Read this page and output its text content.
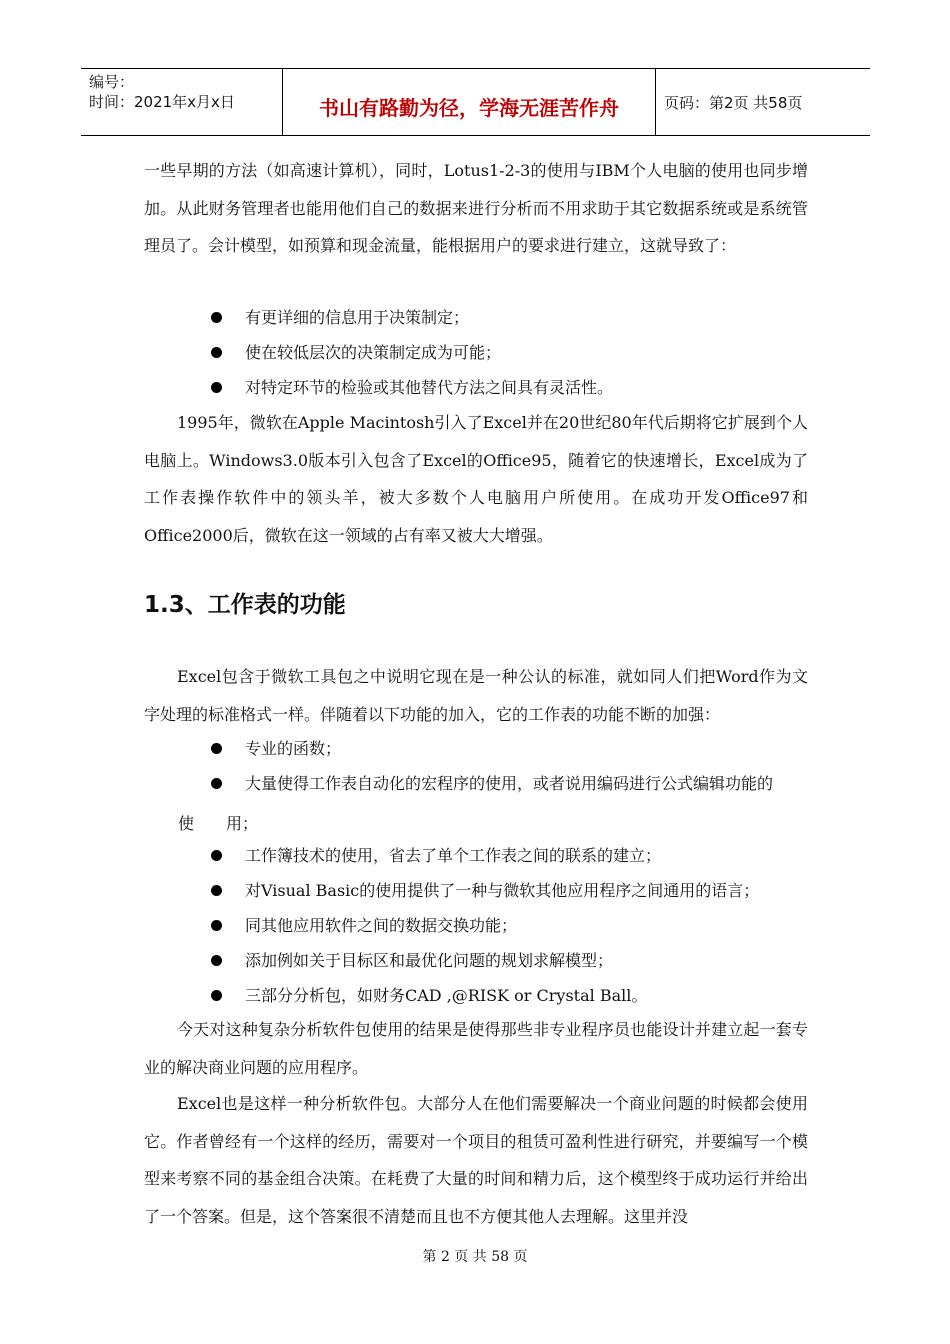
编号：
时间：2021年x月x日	书山有路勤为径，学海无涯苦作舟	页码：第2页 共58页
一些早期的方法（如高速计算机），同时，Lotus1-2-3的使用与IBM个人电脑的使用也同步增加。从此财务管理者也能用他们自己的数据来进行分析而不用求助于其它数据系统或是系统管理员了。会计模型，如预算和现金流量，能根据用户的要求进行建立，这就导致了：
有更详细的信息用于决策制定；
使在较低层次的决策制定成为可能；
对特定环节的检验或其他替代方法之间具有灵活性。
1995年，微软在Apple Macintosh引入了Excel并在20世纪80年代后期将它扩展到个人电脑上。Windows3.0版本引入包含了Excel的Office95，随着它的快速增长，Excel成为了工作表操作软件中的领头羊，被大多数个人电脑用户所使用。在成功开发Office97和Office2000后，微软在这一领域的占有率又被大大增强。
1.3、工作表的功能
Excel包含于微软工具包之中说明它现在是一种公认的标准，就如同人们把Word作为文字处理的标准格式一样。伴随着以下功能的加入，它的工作表的功能不断的加强：
专业的函数；
大量使得工作表自动化的宏程序的使用，或者说用编码进行公式编辑功能的
使　　用；
工作簿技术的使用，省去了单个工作表之间的联系的建立；
对Visual Basic的使用提供了一种与微软其他应用程序之间通用的语言；
同其他应用软件之间的数据交换功能；
添加例如关于目标区和最优化问题的规划求解模型；
三部分分析包，如财务CAD ,@RISK or Crystal Ball。
今天对这种复杂分析软件包使用的结果是使得那些非专业程序员也能设计并建立起一套专业的解决商业问题的应用程序。
Excel也是这样一种分析软件包。大部分人在他们需要解决一个商业问题的时候都会使用它。作者曾经有一个这样的经历，需要对一个项目的租赁可盈利性进行研究，并要编写一个模型来考察不同的基金组合决策。在耗费了大量的时间和精力后，这个模型终于成功运行并给出了一个答案。但是，这个答案很不清楚而且也不方便其他人去理解。这里并没
第 2 页 共 58 页
